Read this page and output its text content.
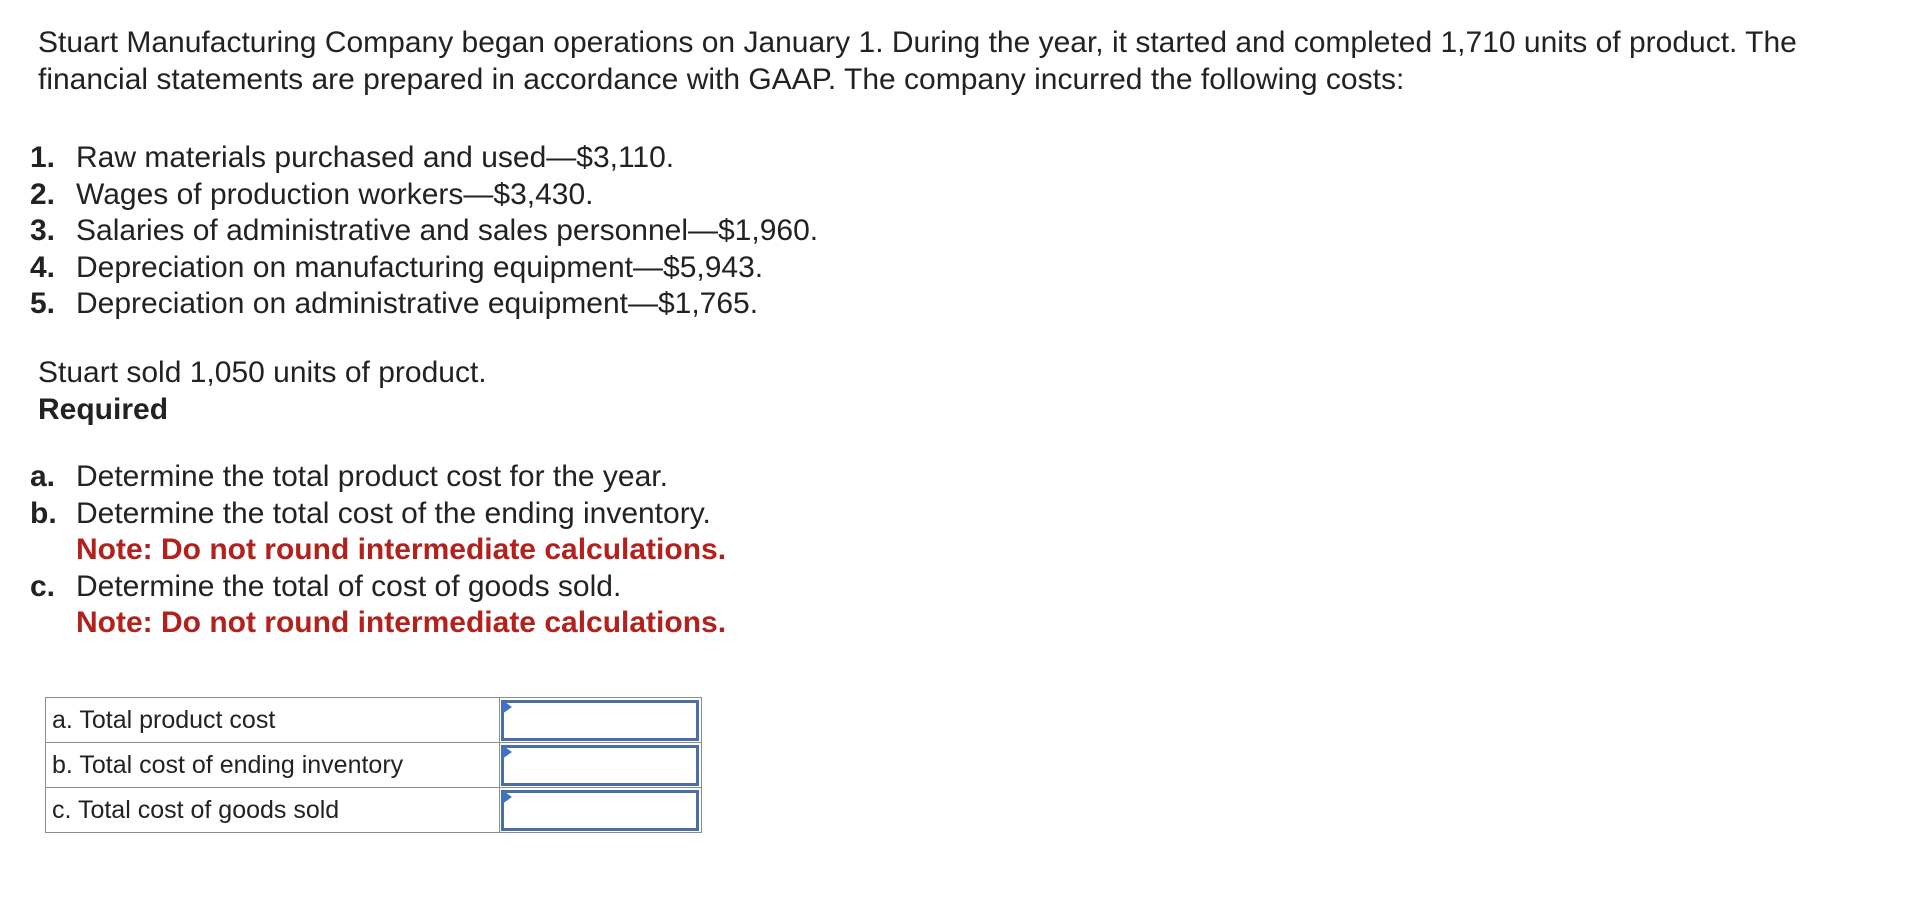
Stuart Manufacturing Company began operations on January 1. During the year, it started and completed 1,710 units of product. The financial statements are prepared in accordance with GAAP. The company incurred the following costs:

1. Raw materials purchased and used—$3,110.
2. Wages of production workers—$3,430.
3. Salaries of administrative and sales personnel—$1,960.
4. Depreciation on manufacturing equipment—$5,943.
5. Depreciation on administrative equipment—$1,765.

Stuart sold 1,050 units of product.

Required

a. Determine the total product cost for the year.
b. Determine the total cost of the ending inventory.
Note: Do not round intermediate calculations.
c. Determine the total of cost of goods sold.
Note: Do not round intermediate calculations.
a. Total product cost	

b. Total cost of ending inventory	

c. Total cost of goods sold	
